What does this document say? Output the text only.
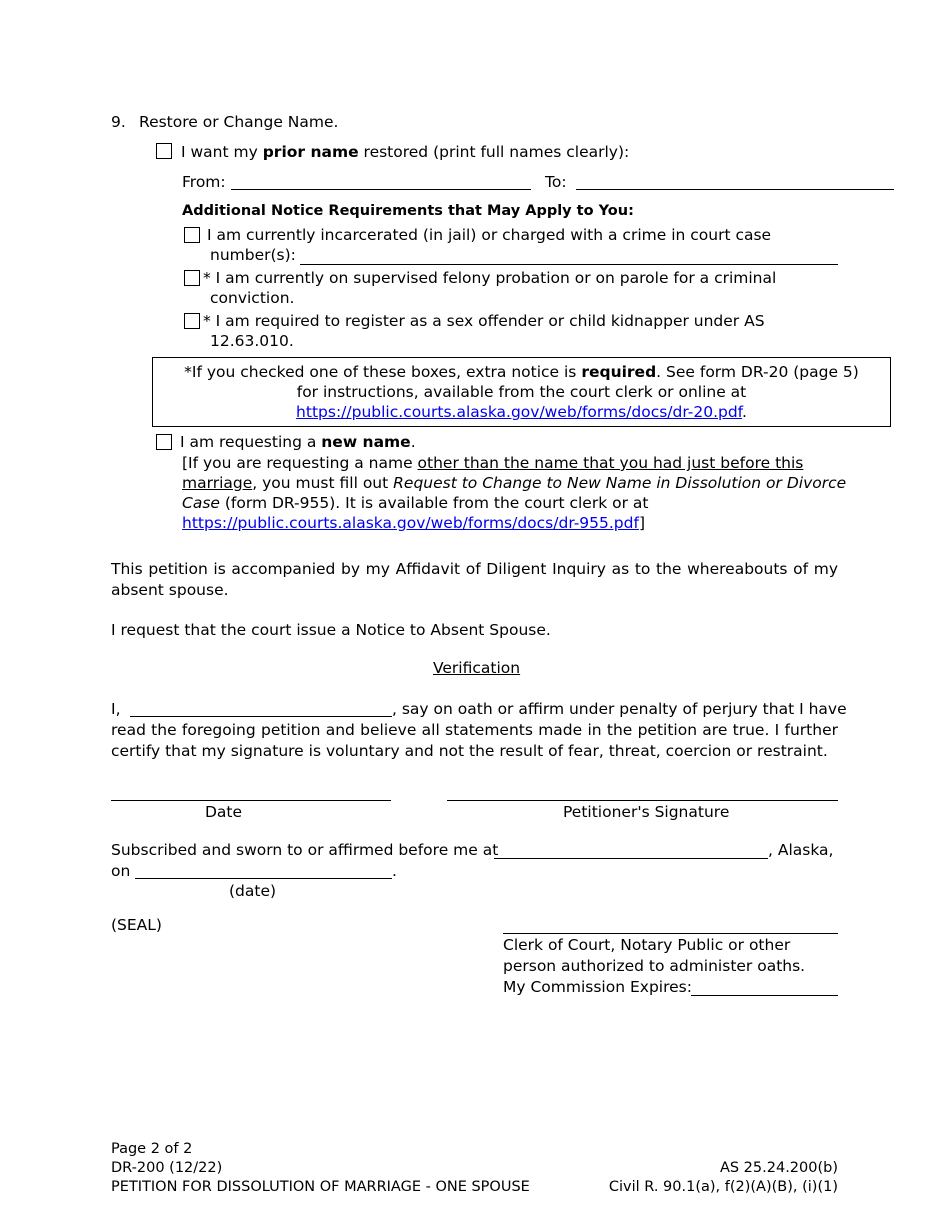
9. Restore or Change Name.
I want my prior name restored (print full names clearly):
From:	To:
Additional Notice Requirements that May Apply to You:
I am currently incarcerated (in jail) or charged with a crime in court case
number(s):
* I am currently on supervised felony probation or on parole for a criminal
conviction.
* I am required to register as a sex offender or child kidnapper under AS
12.63.010.
*If you checked one of these boxes, extra notice is required. See form DR-20 (page 5)
for instructions, available from the court clerk or online at
https://public.courts.alaska.gov/web/forms/docs/dr-20.pdf.
I am requesting a new name.
[If you are requesting a name other than the name that you had just before this
marriage, you must fill out Request to Change to New Name in Dissolution or Divorce
Case (form DR-955). It is available from the court clerk or at
https://public.courts.alaska.gov/web/forms/docs/dr-955.pdf]
This petition is accompanied by my Affidavit of Diligent Inquiry as to the whereabouts of my absent spouse.
I request that the court issue a Notice to Absent Spouse.
Verification
I,	, say on oath or affirm under penalty of perjury that I have
read the foregoing petition and believe all statements made in the petition are true. I further certify that my signature is voluntary and not the result of fear, threat, coercion or restraint.
Date	Petitioner's Signature
Subscribed and sworn to or affirmed before me at	, Alaska,
on	.
(date)
(SEAL)
Clerk of Court, Notary Public or other
person authorized to administer oaths.
My Commission Expires:
Page 2 of 2
DR-200 (12/22)
PETITION FOR DISSOLUTION OF MARRIAGE - ONE SPOUSE
AS 25.24.200(b)
Civil R. 90.1(a), f(2)(A)(B), (i)(1)
